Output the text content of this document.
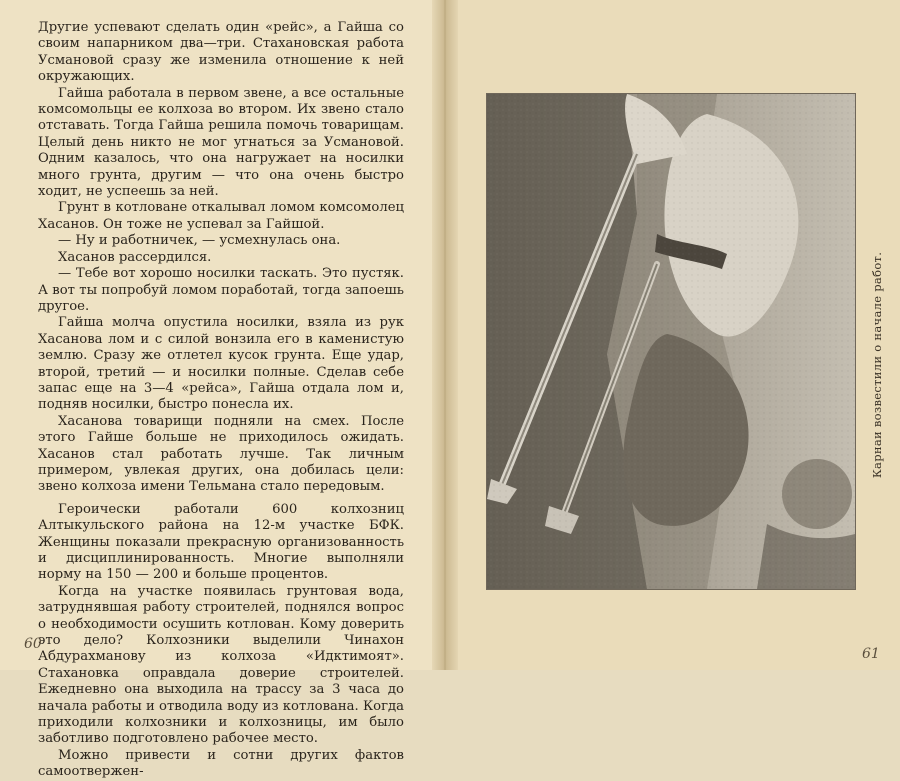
Другие успевают сделать один «рейс», а Гайша со своим напарником два—три. Стахановская работа Усмановой сразу же изменила отношение к ней окружающих.

Гайша работала в первом звене, а все остальные комсомольцы ее колхоза во втором. Их звено стало отставать. Тогда Гайша решила помочь товарищам. Целый день никто не мог угнаться за Усмановой. Одним казалось, что она нагружает на носилки много грунта, другим — что она очень быстро ходит, не успеешь за ней.

Грунт в котловане откалывал ломом комсомолец Хасанов. Он тоже не успевал за Гайшой.

— Ну и работничек, — усмехнулась она.

Хасанов рассердился.

— Тебе вот хорошо носилки таскать. Это пустяк. А вот ты попробуй ломом поработай, тогда запоешь другое.

Гайша молча опустила носилки, взяла из рук Хасанова лом и с силой вонзила его в каменистую землю. Сразу же отлетел кусок грунта. Еще удар, второй, третий — и носилки полные. Сделав себе запас еще на 3—4 «рейса», Гайша отдала лом и, подняв носилки, быстро понесла их.

Хасанова товарищи подняли на смех. После этого Гайше больше не приходилось ожидать. Хасанов стал работать лучше. Так личным примером, увлекая других, она добилась цели: звено колхоза имени Тельмана стало передовым.

Героически работали 600 колхозниц Алтыкульского района на 12-м участке БФК. Женщины показали прекрасную организованность и дисциплинированность. Многие выполняли норму на 150 — 200 и больше процентов.

Когда на участке появилась грунтовая вода, затруднявшая работу строителей, поднялся вопрос о необходимости осушить котлован. Кому доверить это дело? Колхозники выделили Чинахон Абдурахманову из колхоза «Идктимоят». Стахановка оправдала доверие строителей. Ежедневно она выходила на трассу за 3 часа до начала работы и отводила воду из котлована. Когда приходили колхозники и колхозницы, им было заботливо подготовлено рабочее место.

Можно привести и сотни других фактов самоотвержен-

60
Карнаи возвестили о начале работ.
61
